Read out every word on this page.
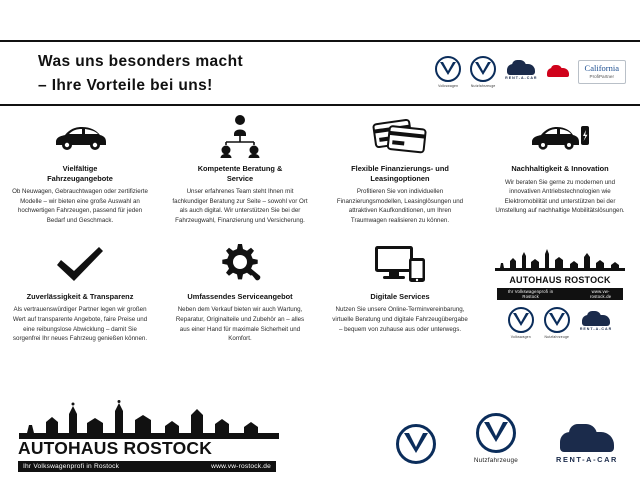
Was uns besonders macht
– Ihre Vorteile bei uns!	Volkswagen	Nutzfahrzeuge
RENT-A-CAR
California
ProfiPartner
Vielfältige
Fahrzeugangebote

Ob Neuwagen, Gebrauchtwagen oder zertifizierte Modelle – wir bieten eine große Auswahl an hochwertigen Fahrzeugen, passend für jeden Bedarf und Geschmack.

Kompetente Beratung &
Service

Unser erfahrenes Team steht Ihnen mit fachkundiger Beratung zur Seite – sowohl vor Ort als auch digital. Wir unterstützen Sie bei der Fahrzeugwahl, Finanzierung und Versicherung.

Flexible Finanzierungs- und
Leasingoptionen

Profitieren Sie von individuellen Finanzierungsmodellen, Leasinglösungen und attraktiven Kaufkonditionen, um Ihren Traumwagen realisieren zu können.

Nachhaltigkeit & Innovation

Wir beraten Sie gerne zu modernen und innovativen Antriebstechnologien wie Elektromobilität und unterstützen bei der Umstellung auf nachhaltige Mobilitätslösungen.

Zuverlässigkeit & Transparenz

Als vertrauenswürdiger Partner legen wir großen Wert auf transparente Angebote, faire Preise und eine reibungslose Abwicklung – damit Sie sorgenfrei Ihr neues Fahrzeug genießen können.

Umfassendes Serviceangebot

Neben dem Verkauf bieten wir auch Wartung, Reparatur, Originalteile und Zubehör an – alles aus einer Hand für maximale Sicherheit und Komfort.

Digitale Services

Nutzen Sie unsere Online-Terminvereinbarung, virtuelle Beratung und digitale Fahrzeugübergabe – bequem von zuhause aus oder unterwegs.

AUTOHAUS ROSTOCK
Ihr Volkswagenprofi in Rostock
www.vw-rostock.de
Volkswagen	Nutzfahrzeuge
RENT-A-CAR
AUTOHAUS ROSTOCK
Ihr Volkswagenprofi in Rostock	www.vw-rostock.de
Nutzfahrzeuge	RENT-A-CAR
